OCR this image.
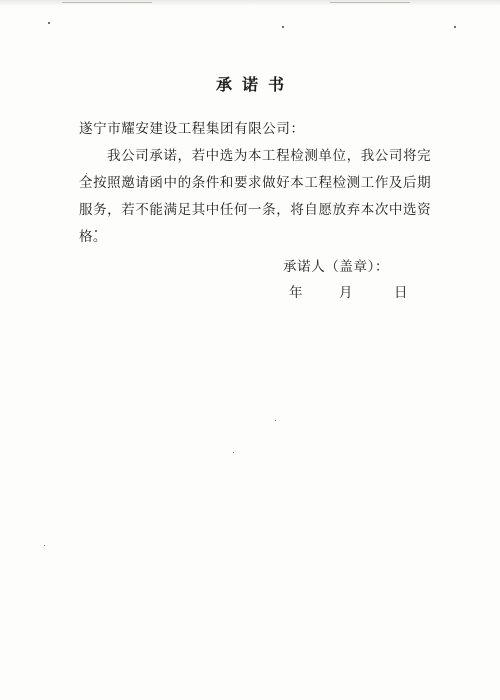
承诺书
遂宁市耀安建设工程集团有限公司：
我公司承诺，若中选为本工程检测单位，我公司将完全按照邀请函中的条件和要求做好本工程检测工作及后期服务，若不能满足其中任何一条，将自愿放弃本次中选资格。
承诺人（盖章）：
年	月	日
